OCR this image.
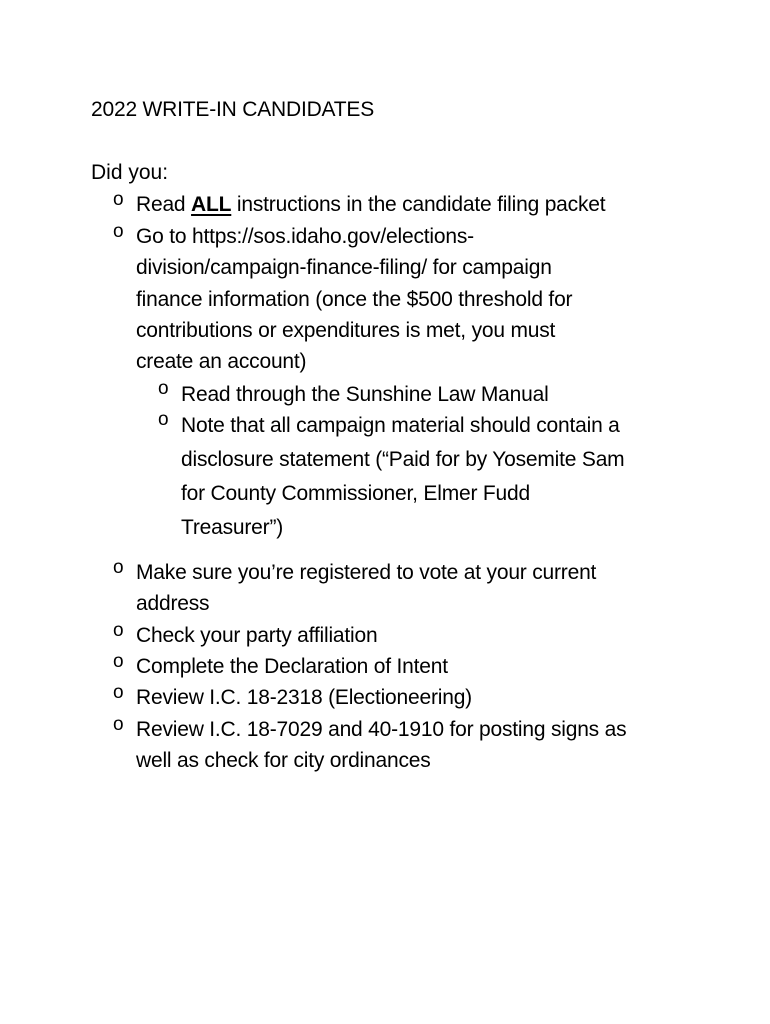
2022 WRITE-IN CANDIDATES
Did you:
o Read ALL instructions in the candidate filing packet
o Go to https://sos.idaho.gov/elections-
division/campaign-finance-filing/ for campaign
finance information (once the $500 threshold for
contributions or expenditures is met, you must
create an account)
o Read through the Sunshine Law Manual
o Note that all campaign material should contain a
disclosure statement (“Paid for by Yosemite Sam
for County Commissioner, Elmer Fudd
Treasurer”)
o Make sure you’re registered to vote at your current
address
o Check your party affiliation
o Complete the Declaration of Intent
o Review I.C. 18-2318 (Electioneering)
o Review I.C. 18-7029 and 40-1910 for posting signs as
well as check for city ordinances
